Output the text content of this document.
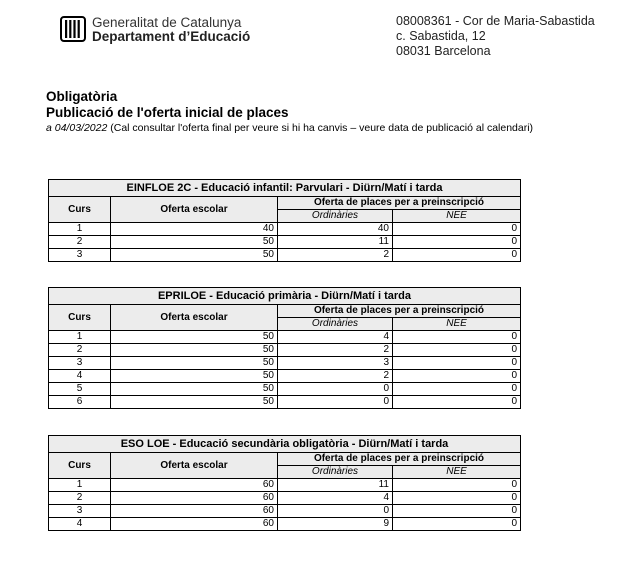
Generalitat de Catalunya
Departament d’Educació
08008361 - Cor de Maria-Sabastida
c. Sabastida, 12
08031 Barcelona
Obligatòria
Publicació de l'oferta inicial de places
a 04/03/2022 (Cal consultar l'oferta final per veure si hi ha canvis – veure data de publicació al calendari)
EINFLOE 2C - Educació infantil: Parvulari - Diürn/Matí i tarda			
Curs	Oferta escolar	Oferta de places per a preinscripció	
		Ordinàries	NEE
1	40	40	0
2	50	11	0
3	50	2	0
EPRILOE - Educació primària - Diürn/Matí i tarda			
Curs	Oferta escolar	Oferta de places per a preinscripció	
		Ordinàries	NEE
1	50	4	0
2	50	2	0
3	50	3	0
4	50	2	0
5	50	0	0
6	50	0	0
ESO LOE - Educació secundària obligatòria - Diürn/Matí i tarda			
Curs	Oferta escolar	Oferta de places per a preinscripció	
		Ordinàries	NEE
1	60	11	0
2	60	4	0
3	60	0	0
4	60	9	0
